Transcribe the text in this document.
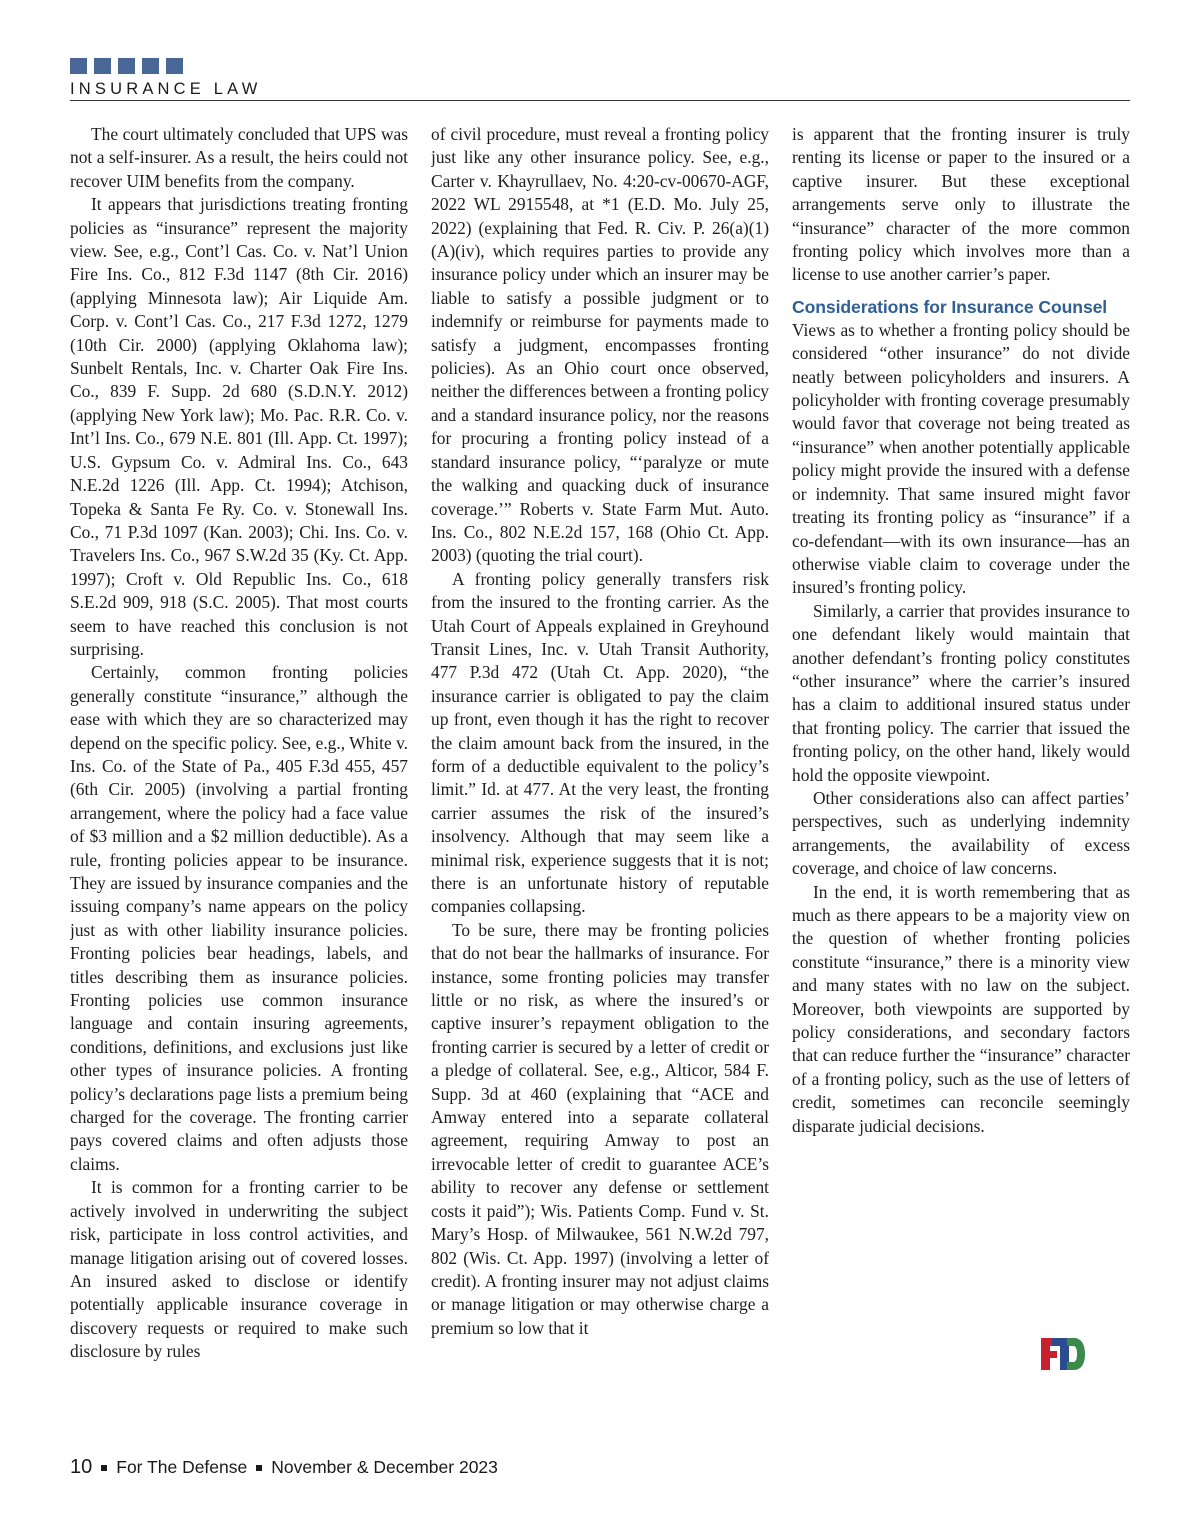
INSURANCE LAW

The court ultimately concluded that UPS was not a self-insurer. As a result, the heirs could not recover UIM benefits from the company.

It appears that jurisdictions treating fronting policies as “insurance” represent the majority view. See, e.g., Cont’l Cas. Co. v. Nat’l Union Fire Ins. Co., 812 F.3d 1147 (8th Cir. 2016) (applying Minnesota law); Air Liquide Am. Corp. v. Cont’l Cas. Co., 217 F.3d 1272, 1279 (10th Cir. 2000) (applying Oklahoma law); Sunbelt Rentals, Inc. v. Charter Oak Fire Ins. Co., 839 F. Supp. 2d 680 (S.D.N.Y. 2012) (applying New York law); Mo. Pac. R.R. Co. v. Int’l Ins. Co., 679 N.E. 801 (Ill. App. Ct. 1997); U.S. Gypsum Co. v. Admiral Ins. Co., 643 N.E.2d 1226 (Ill. App. Ct. 1994); Atchison, Topeka & Santa Fe Ry. Co. v. Stonewall Ins. Co., 71 P.3d 1097 (Kan. 2003); Chi. Ins. Co. v. Travelers Ins. Co., 967 S.W.2d 35 (Ky. Ct. App. 1997); Croft v. Old Republic Ins. Co., 618 S.E.2d 909, 918 (S.C. 2005). That most courts seem to have reached this conclusion is not surprising.

Certainly, common fronting policies generally constitute “insurance,” although the ease with which they are so characterized may depend on the specific policy. See, e.g., White v. Ins. Co. of the State of Pa., 405 F.3d 455, 457 (6th Cir. 2005) (involving a partial fronting arrangement, where the policy had a face value of $3 million and a $2 million deductible). As a rule, fronting policies appear to be insurance. They are issued by insurance companies and the issuing company’s name appears on the policy just as with other liability insurance policies. Fronting policies bear headings, labels, and titles describing them as insurance policies. Fronting policies use common insurance language and contain insuring agreements, conditions, definitions, and exclusions just like other types of insurance policies. A fronting policy’s declarations page lists a premium being charged for the coverage. The fronting carrier pays covered claims and often adjusts those claims.

It is common for a fronting carrier to be actively involved in underwriting the subject risk, participate in loss control activities, and manage litigation arising out of covered losses. An insured asked to disclose or identify potentially applicable insurance coverage in discovery requests or required to make such disclosure by rules

of civil procedure, must reveal a fronting policy just like any other insurance policy. See, e.g., Carter v. Khayrullaev, No. 4:20-cv-00670-AGF, 2022 WL 2915548, at *1 (E.D. Mo. July 25, 2022) (explaining that Fed. R. Civ. P. 26(a)(1)(A)(iv), which requires parties to provide any insurance policy under which an insurer may be liable to satisfy a possible judgment or to indemnify or reimburse for payments made to satisfy a judgment, encompasses fronting policies). As an Ohio court once observed, neither the differences between a fronting policy and a standard insurance policy, nor the reasons for procuring a fronting policy instead of a standard insurance policy, “‘paralyze or mute the walking and quacking duck of insurance coverage.’” Roberts v. State Farm Mut. Auto. Ins. Co., 802 N.E.2d 157, 168 (Ohio Ct. App. 2003) (quoting the trial court).

A fronting policy generally transfers risk from the insured to the fronting carrier. As the Utah Court of Appeals explained in Greyhound Transit Lines, Inc. v. Utah Transit Authority, 477 P.3d 472 (Utah Ct. App. 2020), “the insurance carrier is obligated to pay the claim up front, even though it has the right to recover the claim amount back from the insured, in the form of a deductible equivalent to the policy’s limit.” Id. at 477. At the very least, the fronting carrier assumes the risk of the insured’s insolvency. Although that may seem like a minimal risk, experience suggests that it is not; there is an unfortunate history of reputable companies collapsing.

To be sure, there may be fronting policies that do not bear the hallmarks of insurance. For instance, some fronting policies may transfer little or no risk, as where the insured’s or captive insurer’s repayment obligation to the fronting carrier is secured by a letter of credit or a pledge of collateral. See, e.g., Alticor, 584 F. Supp. 3d at 460 (explaining that “ACE and Amway entered into a separate collateral agreement, requiring Amway to post an irrevocable letter of credit to guarantee ACE’s ability to recover any defense or settlement costs it paid”); Wis. Patients Comp. Fund v. St. Mary’s Hosp. of Milwaukee, 561 N.W.2d 797, 802 (Wis. Ct. App. 1997) (involving a letter of credit). A fronting insurer may not adjust claims or manage litigation or may otherwise charge a premium so low that it

is apparent that the fronting insurer is truly renting its license or paper to the insured or a captive insurer. But these exceptional arrangements serve only to illustrate the “insurance” character of the more common fronting policy which involves more than a license to use another carrier’s paper.

Considerations for Insurance Counsel

Views as to whether a fronting policy should be considered “other insurance” do not divide neatly between policyholders and insurers. A policyholder with fronting coverage presumably would favor that coverage not being treated as “insurance” when another potentially applicable policy might provide the insured with a defense or indemnity. That same insured might favor treating its fronting policy as “insurance” if a co-defendant—with its own insurance—has an otherwise viable claim to coverage under the insured’s fronting policy.

Similarly, a carrier that provides insurance to one defendant likely would maintain that another defendant’s fronting policy constitutes “other insurance” where the carrier’s insured has a claim to additional insured status under that fronting policy. The carrier that issued the fronting policy, on the other hand, likely would hold the opposite viewpoint.

Other considerations also can affect parties’ perspectives, such as underlying indemnity arrangements, the availability of excess coverage, and choice of law concerns.

In the end, it is worth remembering that as much as there appears to be a majority view on the question of whether fronting policies constitute “insurance,” there is a minority view and many states with no law on the subject. Moreover, both viewpoints are supported by policy considerations, and secondary factors that can reduce further the “insurance” character of a fronting policy, such as the use of letters of credit, sometimes can reconcile seemingly disparate judicial decisions.

10 For The Defense November & December 2023
